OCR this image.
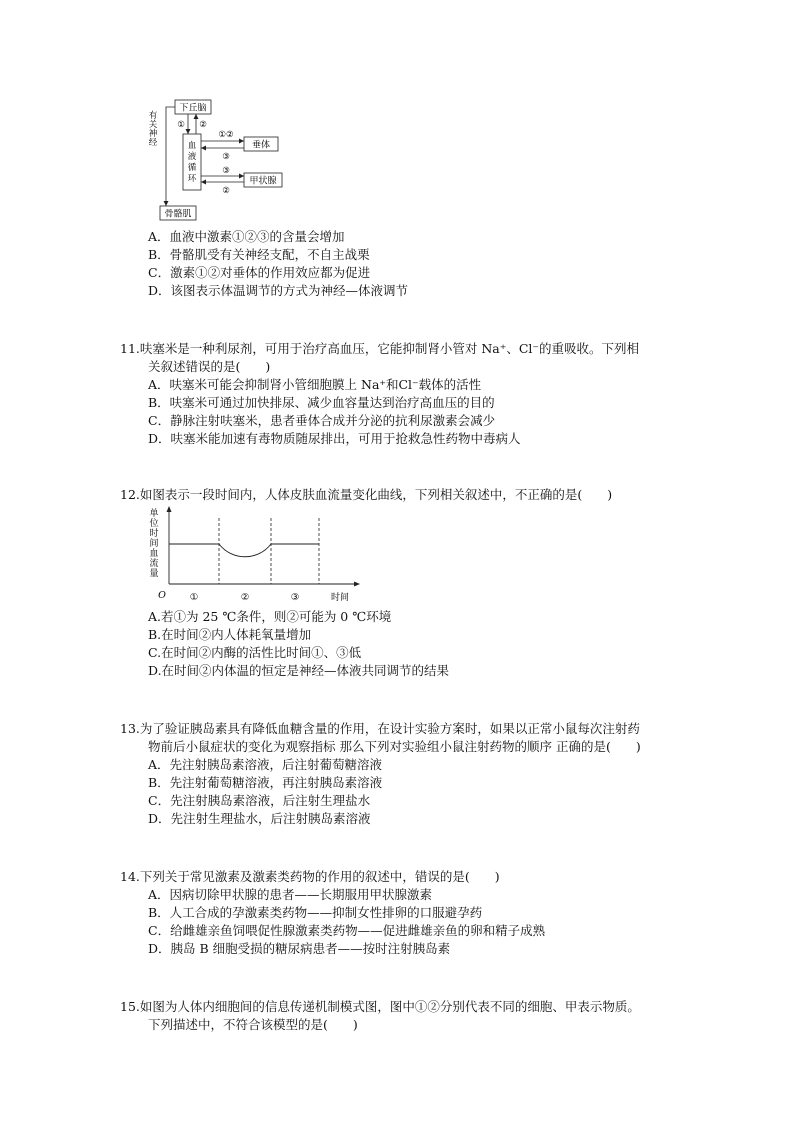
下丘脑
血
液
循
环
垂体
甲状腺
骨骼肌
有
关
神
经
① ②
①②
③
③
②
A．血液中激素①②③的含量会增加
B．骨骼肌受有关神经支配，不自主战栗
C．激素①②对垂体的作用效应都为促进
D．该图表示体温调节的方式为神经—体液调节
11.呋塞米是一种利尿剂，可用于治疗高血压，它能抑制肾小管对 Na⁺、Cl⁻的重吸收。下列相
关叙述错误的是(　　)
A．呋塞米可能会抑制肾小管细胞膜上 Na⁺和Cl⁻载体的活性
B．呋塞米可通过加快排尿、减少血容量达到治疗高血压的目的
C．静脉注射呋塞米，患者垂体合成并分泌的抗利尿激素会减少
D．呋塞米能加速有毒物质随尿排出，可用于抢救急性药物中毒病人
12.如图表示一段时间内，人体皮肤血流量变化曲线，下列相关叙述中，不正确的是(　　)
单
位
时
间
血
流
量
O	时间
①	②	③
A.若①为 25 ℃条件，则②可能为 0 ℃环境
B.在时间②内人体耗氧量增加
C.在时间②内酶的活性比时间①、③低
D.在时间②内体温的恒定是神经—体液共同调节的结果
13.为了验证胰岛素具有降低血糖含量的作用，在设计实验方案时，如果以正常小鼠每次注射药
物前后小鼠症状的变化为观察指标 那么下列对实验组小鼠注射药物的顺序 正确的是(　　)
A．先注射胰岛素溶液，后注射葡萄糖溶液
B．先注射葡萄糖溶液，再注射胰岛素溶液
C．先注射胰岛素溶液，后注射生理盐水
D．先注射生理盐水，后注射胰岛素溶液
14.下列关于常见激素及激素类药物的作用的叙述中，错误的是(　　)
A．因病切除甲状腺的患者——长期服用甲状腺激素
B．人工合成的孕激素类药物——抑制女性排卵的口服避孕药
C．给雌雄亲鱼饲喂促性腺激素类药物——促进雌雄亲鱼的卵和精子成熟
D．胰岛 B 细胞受损的糖尿病患者——按时注射胰岛素
15.如图为人体内细胞间的信息传递机制模式图，图中①②分别代表不同的细胞、甲表示物质。
下列描述中，不符合该模型的是(　　)
